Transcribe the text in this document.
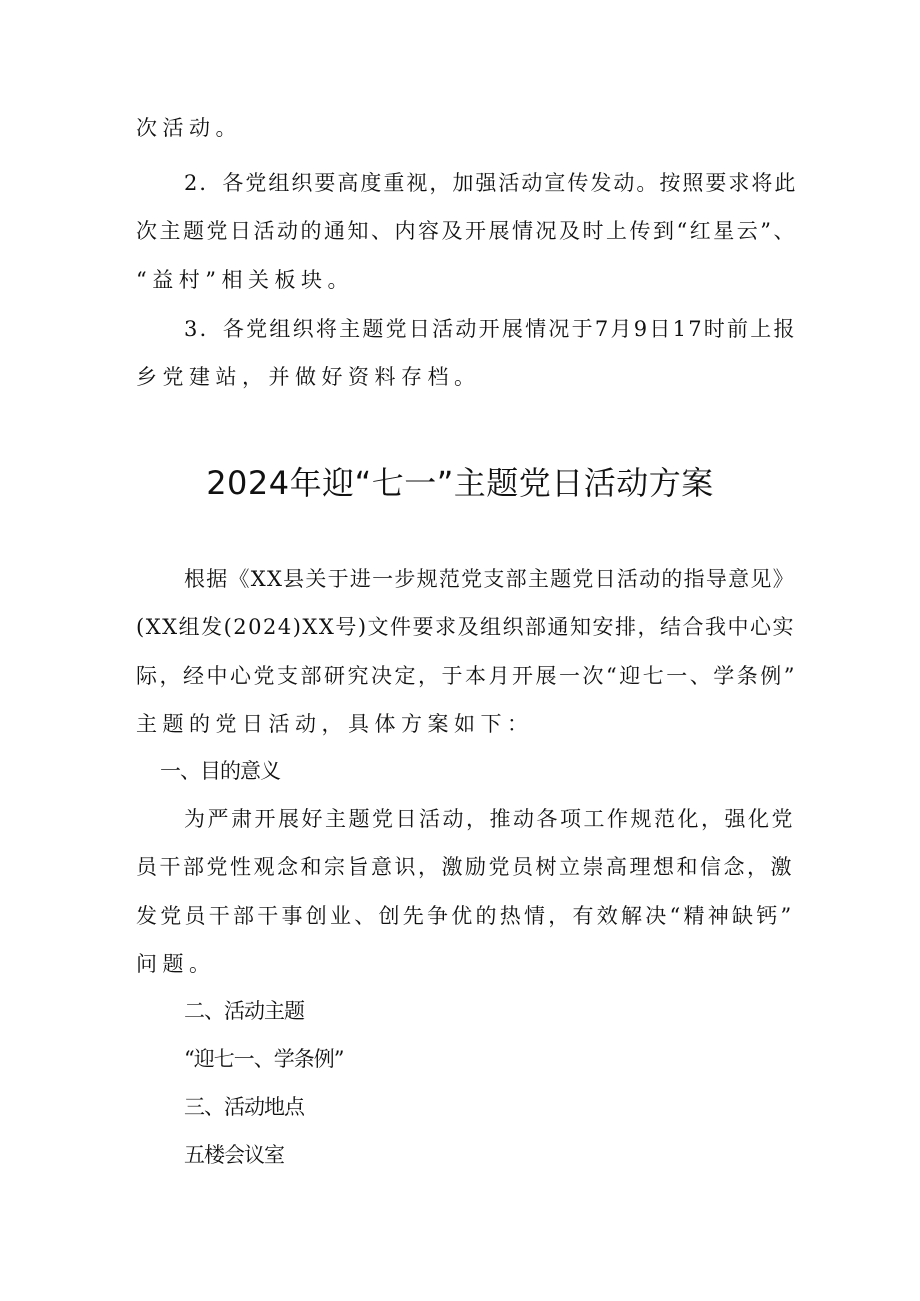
次活动。

2．各党组织要高度重视，加强活动宣传发动。按照要求将此
次主题党日活动的通知、内容及开展情况及时上传到“红星云”、
“益村”相关板块。

3．各党组织将主题党日活动开展情况于7月9日17时前上报
乡党建站，并做好资料存档。

2024年迎“七一”主题党日活动方案

根据《XX县关于进一步规范党支部主题党日活动的指导意见》
(XX组发(2024)XX号)文件要求及组织部通知安排，结合我中心实
际，经中心党支部研究决定，于本月开展一次“迎七一、学条例”
主题的党日活动，具体方案如下：

一、目的意义

为严肃开展好主题党日活动，推动各项工作规范化，强化党
员干部党性观念和宗旨意识，激励党员树立崇高理想和信念，激
发党员干部干事创业、创先争优的热情，有效解决“精神缺钙”
问题。

二、活动主题

“迎七一、学条例”

三、活动地点

五楼会议室
